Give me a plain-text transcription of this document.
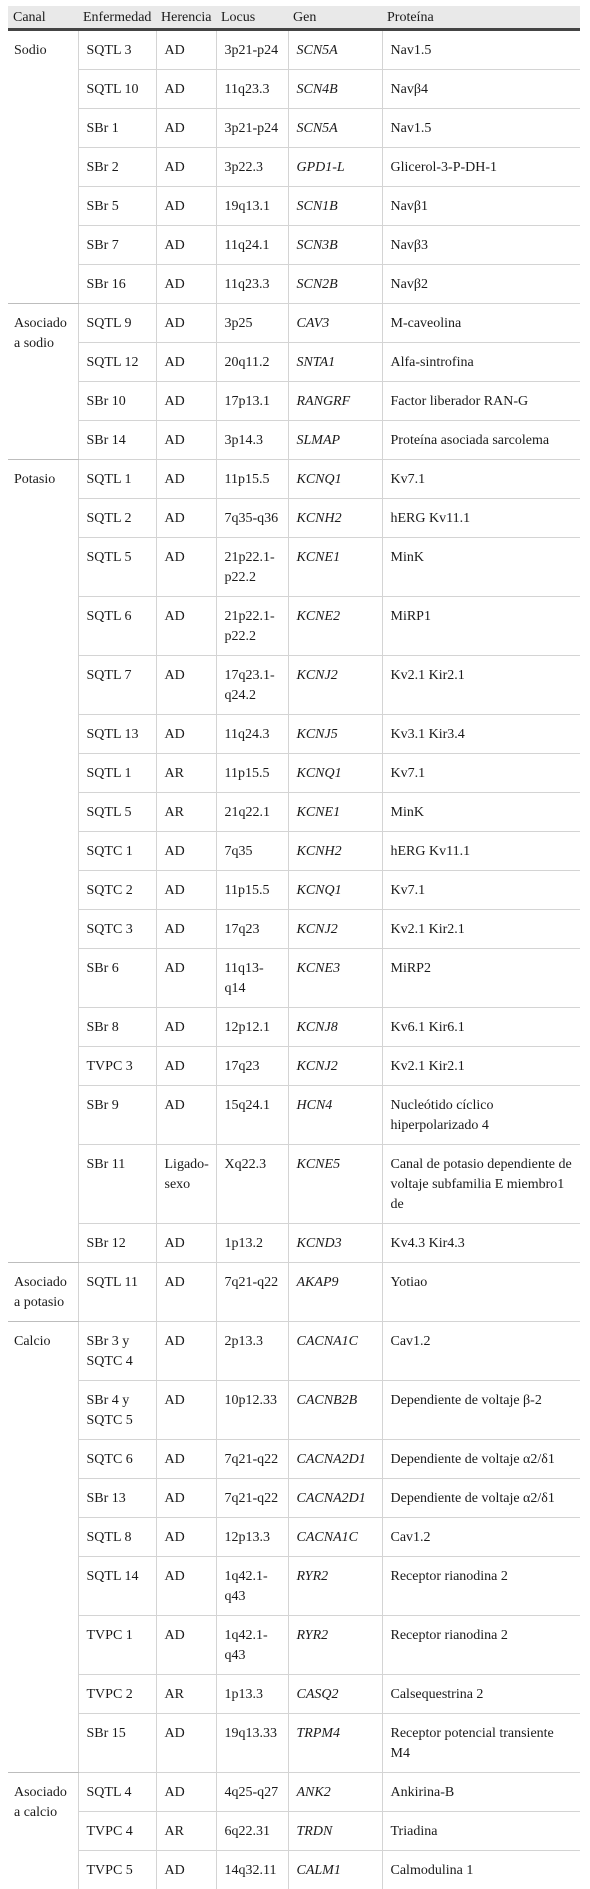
Canal	Enfermedad	Herencia	Locus	Gen	Proteína
Sodio	SQTL 3	AD	3p21-p24	SCN5A	Nav1.5
	SQTL 10	AD	11q23.3	SCN4B	Navβ4
	SBr 1	AD	3p21-p24	SCN5A	Nav1.5
	SBr 2	AD	3p22.3	GPD1-L	Glicerol-3-P-DH-1
	SBr 5	AD	19q13.1	SCN1B	Navβ1
	SBr 7	AD	11q24.1	SCN3B	Navβ3
	SBr 16	AD	11q23.3	SCN2B	Navβ2
Asociado a sodio	SQTL 9	AD	3p25	CAV3	M-caveolina
	SQTL 12	AD	20q11.2	SNTA1	Alfa-sintrofina
	SBr 10	AD	17p13.1	RANGRF	Factor liberador RAN-G
	SBr 14	AD	3p14.3	SLMAP	Proteína asociada sarcolema
Potasio	SQTL 1	AD	11p15.5	KCNQ1	Kv7.1
	SQTL 2	AD	7q35-q36	KCNH2	hERG Kv11.1
	SQTL 5	AD	21p22.1-p22.2	KCNE1	MinK
	SQTL 6	AD	21p22.1-p22.2	KCNE2	MiRP1
	SQTL 7	AD	17q23.1-q24.2	KCNJ2	Kv2.1 Kir2.1
	SQTL 13	AD	11q24.3	KCNJ5	Kv3.1 Kir3.4
	SQTL 1	AR	11p15.5	KCNQ1	Kv7.1
	SQTL 5	AR	21q22.1	KCNE1	MinK
	SQTC 1	AD	7q35	KCNH2	hERG Kv11.1
	SQTC 2	AD	11p15.5	KCNQ1	Kv7.1
	SQTC 3	AD	17q23	KCNJ2	Kv2.1 Kir2.1
	SBr 6	AD	11q13-q14	KCNE3	MiRP2
	SBr 8	AD	12p12.1	KCNJ8	Kv6.1 Kir6.1
	TVPC 3	AD	17q23	KCNJ2	Kv2.1 Kir2.1
	SBr 9	AD	15q24.1	HCN4	Nucleótido cíclico hiperpolarizado 4
	SBr 11	Ligado-sexo	Xq22.3	KCNE5	Canal de potasio dependiente de voltaje subfamilia E miembro1 de
	SBr 12	AD	1p13.2	KCND3	Kv4.3 Kir4.3
Asociado a potasio	SQTL 11	AD	7q21-q22	AKAP9	Yotiao
Calcio	SBr 3 y SQTC 4	AD	2p13.3	CACNA1C	Cav1.2
	SBr 4 y SQTC 5	AD	10p12.33	CACNB2B	Dependiente de voltaje β-2
	SQTC 6	AD	7q21-q22	CACNA2D1	Dependiente de voltaje α2/δ1
	SBr 13	AD	7q21-q22	CACNA2D1	Dependiente de voltaje α2/δ1
	SQTL 8	AD	12p13.3	CACNA1C	Cav1.2
	SQTL 14	AD	1q42.1-q43	RYR2	Receptor rianodina 2
	TVPC 1	AD	1q42.1-q43	RYR2	Receptor rianodina 2
	TVPC 2	AR	1p13.3	CASQ2	Calsequestrina 2
	SBr 15	AD	19q13.33	TRPM4	Receptor potencial transiente M4
Asociado a calcio	SQTL 4	AD	4q25-q27	ANK2	Ankirina-B
	TVPC 4	AR	6q22.31	TRDN	Triadina
	TVPC 5	AD	14q32.11	CALM1	Calmodulina 1
